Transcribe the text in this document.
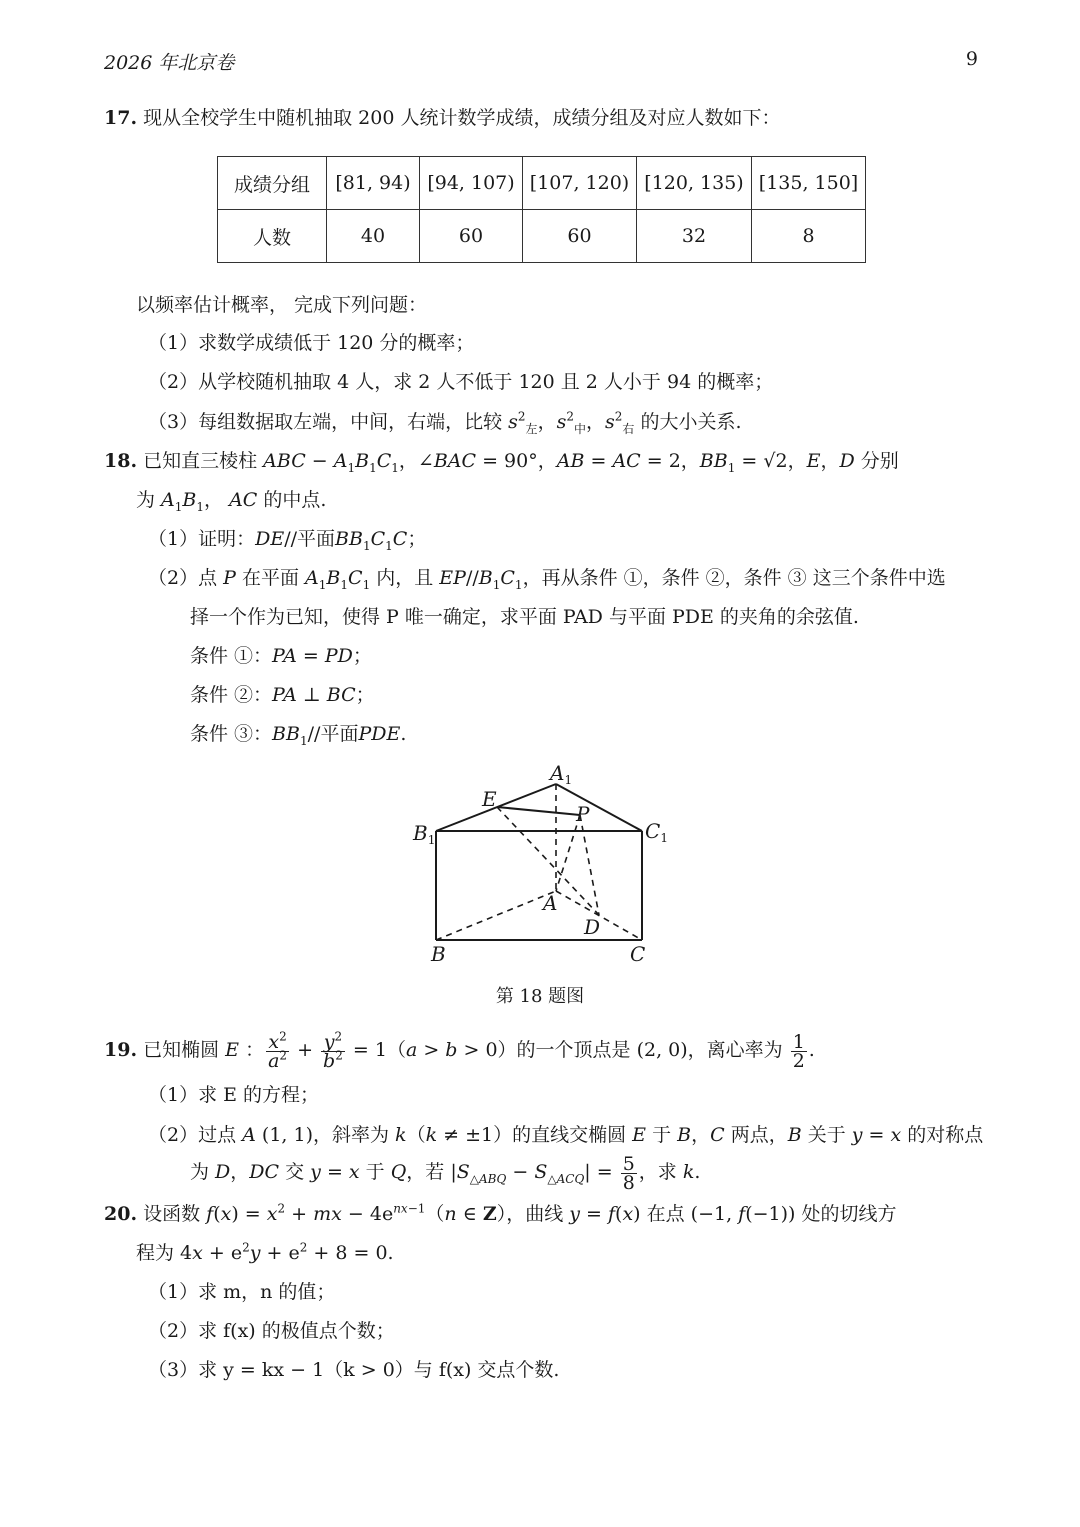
2026 年北京卷	9
17. 现从全校学生中随机抽取 200 人统计数学成绩，成绩分组及对应人数如下：
成绩分组	[81, 94)	[94, 107)	[107, 120)	[120, 135)	[135, 150]
人数	40	60	60	32	8
以频率估计概率， 完成下列问题：
（1）求数学成绩低于 120 分的概率；
（2）从学校随机抽取 4 人，求 2 人不低于 120 且 2 人小于 94 的概率；
（3）每组数据取左端，中间，右端，比较 $s^2_左$，$s^2_中$，$s^2_右$ 的大小关系.
18. 已知直三棱柱 ABC − $A_1B_1C_1$，∠BAC = 90°，AB = AC = 2，$BB_1 = √2$，E，D 分别
为 $A_1B_1$， AC 的中点.
（1）证明：DE//平面$BB_1C_1C$；
（2）点 P 在平面 $A_1B_1C_1$ 内，且 $EP//B_1C_1$，再从条件 ①，条件 ②，条件 ③ 这三个条件中选
择一个作为已知，使得 P 唯一确定，求平面 PAD 与平面 PDE 的夹角的余弦值.
条件 ①：PA = PD；
条件 ②：PA ⊥ BC；
条件 ③：$BB_1//$平面PDE.
$A_1$
E
P
$B_1$	$C_1$
A
D
B	C
第 18 题图
19. 已知椭圆 E ： $\frac{x^2}{a^2} + \frac{y^2}{b^2} = 1(a > b > 0)$的一个顶点是 (2, 0)，离心率为 $\frac{1}{2}$ .
（1）求 E 的方程；
（2）过点 A (1, 1)，斜率为 k（k ≠ ±1）的直线交椭圆 E 于 B，C 两点，B 关于 y = x 的对称点
为 D，DC 交 y = x 于 Q，若 $|S_{\triangle ABQ} - S_{\triangle ACQ}| = \frac{5}{8}$ ，求 k.
20. 设函数 $f(x) = x^2$ + mx − $4e^{nx-1}(n$ ∈ Z），曲线 y = f(x) 在点 (−1, f(−1)) 处的切线方
程为 $4x + e^2y + e^2 + 8 = 0$.
（1）求 m，n 的值；
（2）求 f(x) 的极值点个数；
（3）求 y = kx − 1（k > 0）与 f(x) 交点个数.
